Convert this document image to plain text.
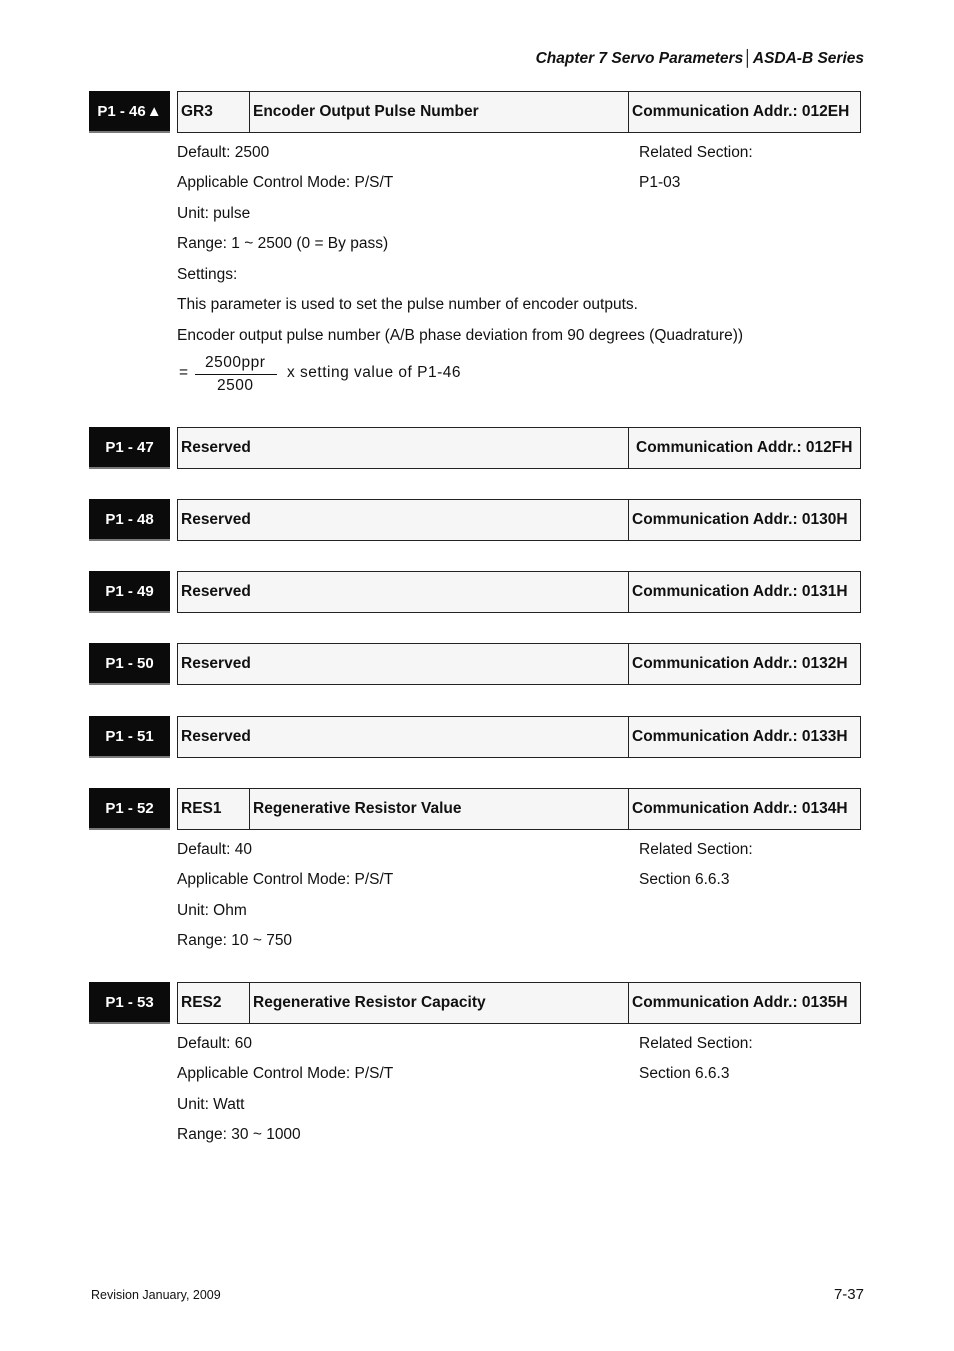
Chapter 7 Servo Parameters│ASDA-B Series
P1 - 46 ▲ GR3	Encoder Output Pulse Number	Communication Addr.: 012EH
Default: 2500	Related Section:
Applicable Control Mode: P/S/T	P1-03
Unit: pulse
Range: 1 ~ 2500 (0 = By pass)
Settings:
This parameter is used to set the pulse number of encoder outputs.
Encoder output pulse number (A/B phase deviation from 90 degrees (Quadrature))
=
2500ppr
2500
x setting value of P1-46
P1 - 47	Reserved	Communication Addr.: 012FH
P1 - 48	Reserved	Communication Addr.: 0130H
P1 - 49	Reserved	Communication Addr.: 0131H
P1 - 50	Reserved	Communication Addr.: 0132H
P1 - 51	Reserved	Communication Addr.: 0133H
P1 - 52	RES1	Regenerative Resistor Value	Communication Addr.: 0134H
Default: 40	Related Section:
Applicable Control Mode: P/S/T	Section 6.6.3
Unit: Ohm
Range: 10 ~ 750
P1 - 53	RES2	Regenerative Resistor Capacity	Communication Addr.: 0135H
Default: 60	Related Section:
Applicable Control Mode: P/S/T	Section 6.6.3
Unit: Watt
Range: 30 ~ 1000
Revision January, 2009	7-37
